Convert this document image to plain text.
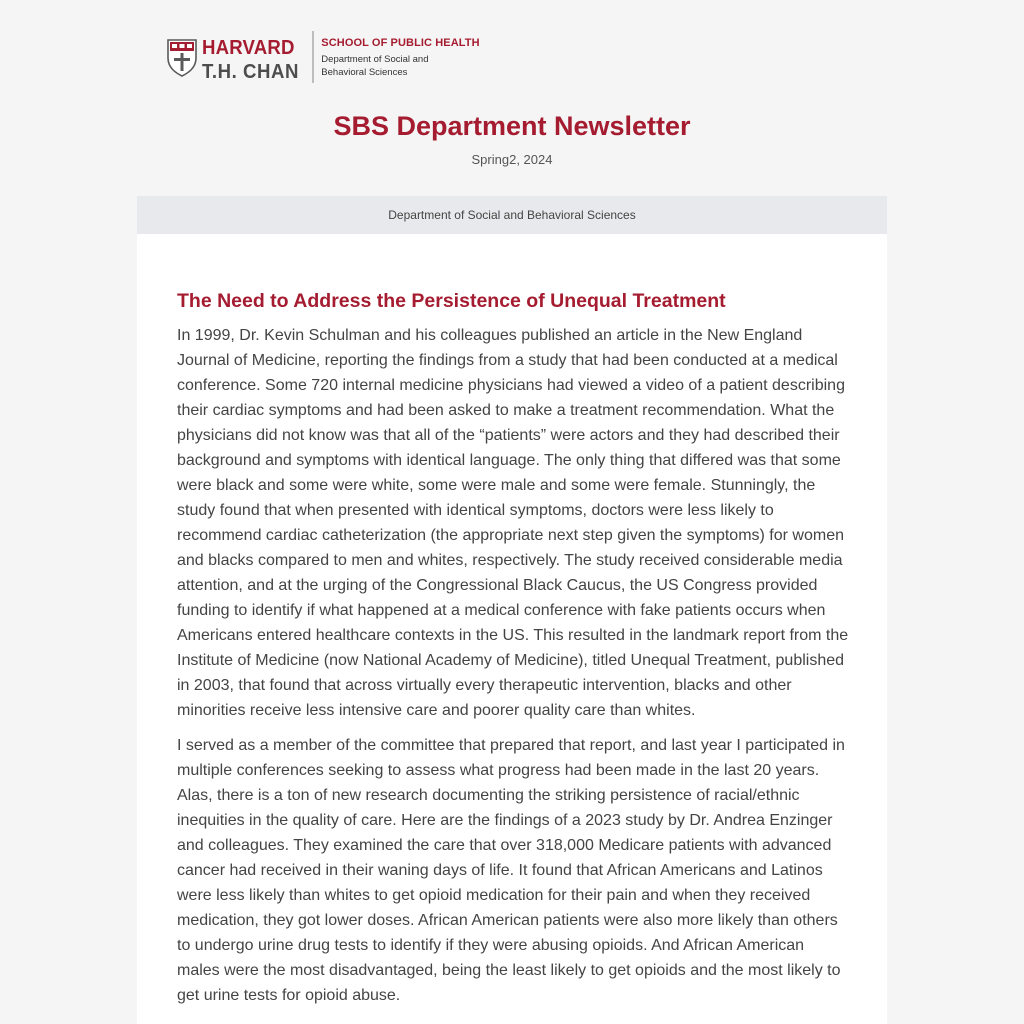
HARVARD
T.H. CHAN
SCHOOL OF PUBLIC HEALTH
Department of Social and
Behavioral Sciences
SBS Department Newsletter
Spring2, 2024
Department of Social and Behavioral Sciences
The Need to Address the Persistence of Unequal Treatment

In 1999, Dr. Kevin Schulman and his colleagues published an article in the New England Journal of Medicine, reporting the findings from a study that had been conducted at a medical conference. Some 720 internal medicine physicians had viewed a video of a patient describing their cardiac symptoms and had been asked to make a treatment recommendation. What the physicians did not know was that all of the “patients” were actors and they had described their background and symptoms with identical language. The only thing that differed was that some were black and some were white, some were male and some were female. Stunningly, the study found that when presented with identical symptoms, doctors were less likely to recommend cardiac catheterization (the appropriate next step given the symptoms) for women and blacks compared to men and whites, respectively. The study received considerable media attention, and at the urging of the Congressional Black Caucus, the US Congress provided funding to identify if what happened at a medical conference with fake patients occurs when Americans entered healthcare contexts in the US. This resulted in the landmark report from the Institute of Medicine (now National Academy of Medicine), titled Unequal Treatment, published in 2003, that found that across virtually every therapeutic intervention, blacks and other minorities receive less intensive care and poorer quality care than whites.

I served as a member of the committee that prepared that report, and last year I participated in multiple conferences seeking to assess what progress had been made in the last 20 years. Alas, there is a ton of new research documenting the striking persistence of racial/ethnic inequities in the quality of care. Here are the findings of a 2023 study by Dr. Andrea Enzinger and colleagues. They examined the care that over 318,000 Medicare patients with advanced cancer had received in their waning days of life. It found that African Americans and Latinos were less likely than whites to get opioid medication for their pain and when they received medication, they got lower doses. African American patients were also more likely than others to undergo urine drug tests to identify if they were abusing opioids. And African American males were the most disadvantaged, being the least likely to get opioids and the most likely to get urine tests for opioid abuse.
